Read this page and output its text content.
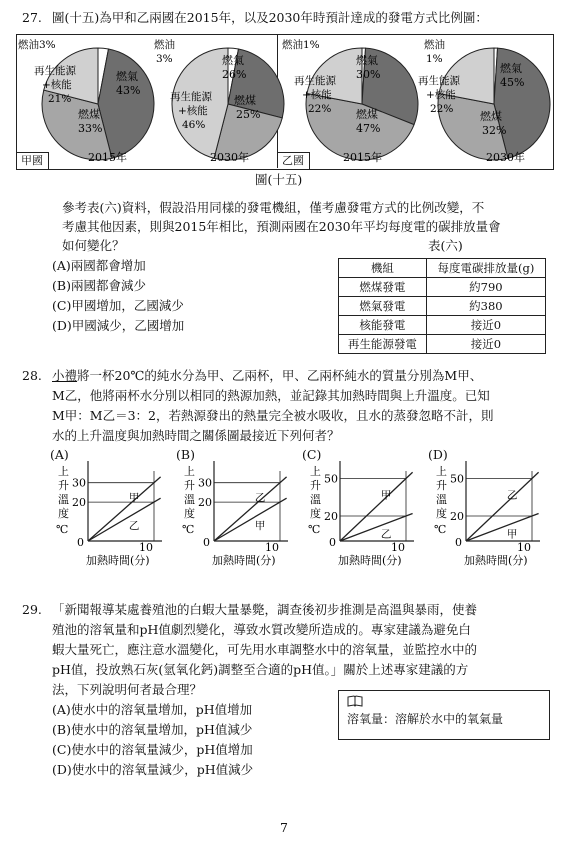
27. 圖(十五)為甲和乙兩國在2015年，以及2030年時預計達成的發電方式比例圖：
甲國	乙國
燃油3%
再生能源
+核能
21%
燃氣
43%
燃煤
33%
2015年
燃油
3%	燃氣
26%
燃煤
25%
再生能源
+核能
46%
2030年
燃油1%
再生能源
+核能
22%
燃氣
30%
燃煤
47%
2015年
燃油
1%
再生能源
+核能
22%
燃氣
45%
燃煤
32%
2030年
圖(十五)
參考表(六)資料，假設沿用同樣的發電機組，僅考慮發電方式的比例改變，不
考慮其他因素，則與2015年相比，預測兩國在2030年平均每度電的碳排放量會
如何變化？
(A)兩國都會增加
(B)兩國都會減少
(C)甲國增加，乙國減少
(D)甲國減少，乙國增加
表(六)
機組	每度電碳排放量(g)
燃煤發電	約790
燃氣發電	約380
核能發電	接近0
再生能源發電	接近0
28. 小禮將一杯20℃的純水分為甲、乙兩杯，甲、乙兩杯純水的質量分別為M甲、
M乙，他將兩杯水分別以相同的熱源加熱，並記錄其加熱時間與上升溫度。已知
M甲：M乙＝3：2，若熱源發出的熱量完全被水吸收，且水的蒸發忽略不計，則
水的上升溫度與加熱時間之關係圖最接近下列何者？
(A)
上
升
溫
度
℃
0	10
加熱時間(分)
30
20	甲
乙
(B)
上
升
溫
度
℃
0	10
加熱時間(分)
30
20
甲
乙
(C)
上
升
溫
度
℃
0	10
加熱時間(分)
50
20
甲
乙
(D)
上
升
溫
度
℃
0	10
加熱時間(分)
50
20
甲
乙
29. 「新聞報導某處養殖池的白蝦大量暴斃，調查後初步推測是高溫與暴雨，使養
殖池的溶氧量和pH值劇烈變化，導致水質改變所造成的。專家建議為避免白
蝦大量死亡，應注意水溫變化，可先用水車調整水中的溶氧量，並監控水中的
pH值，投放熟石灰(氫氧化鈣)調整至合適的pH值。」關於上述專家建議的方
法，下列說明何者最合理？
(A)使水中的溶氧量增加，pH值增加
(B)使水中的溶氧量增加，pH值減少
(C)使水中的溶氧量減少，pH值增加
(D)使水中的溶氧量減少，pH值減少
溶氧量：溶解於水中的氧氣量
7
